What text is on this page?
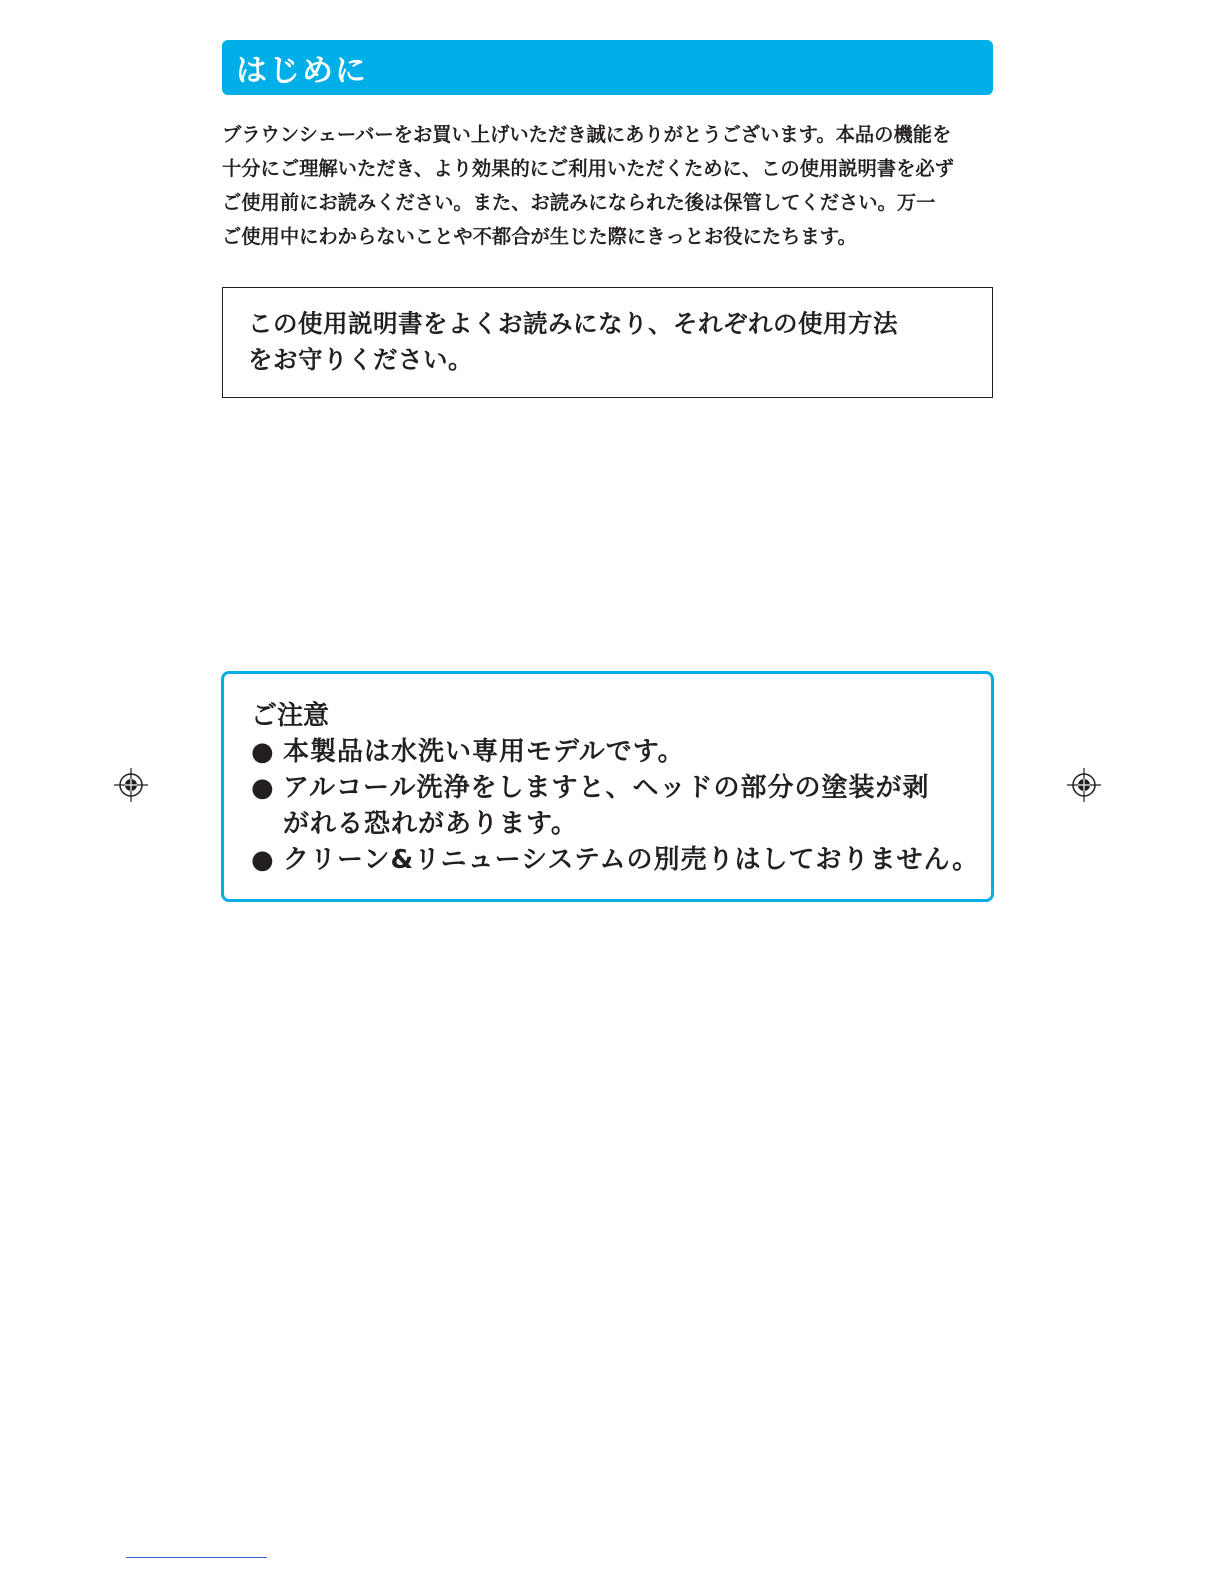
はじめに
ブラウンシェーバーをお買い上げいただき誠にありがとうございます。本品の機能を
十分にご理解いただき、より効果的にご利用いただくために、この使用説明書を必ず
ご使用前にお読みください。また、お読みになられた後は保管してください。万一
ご使用中にわからないことや不都合が生じた際にきっとお役にたちます。
この使用説明書をよくお読みになり、それぞれの使用方法
をお守りください。
ご注意
● 本製品は水洗い専用モデルです。
● アルコール洗浄をしますと、ヘッドの部分の塗装が剥
がれる恐れがあります。
● クリーン&リニューシステムの別売りはしておりません。
